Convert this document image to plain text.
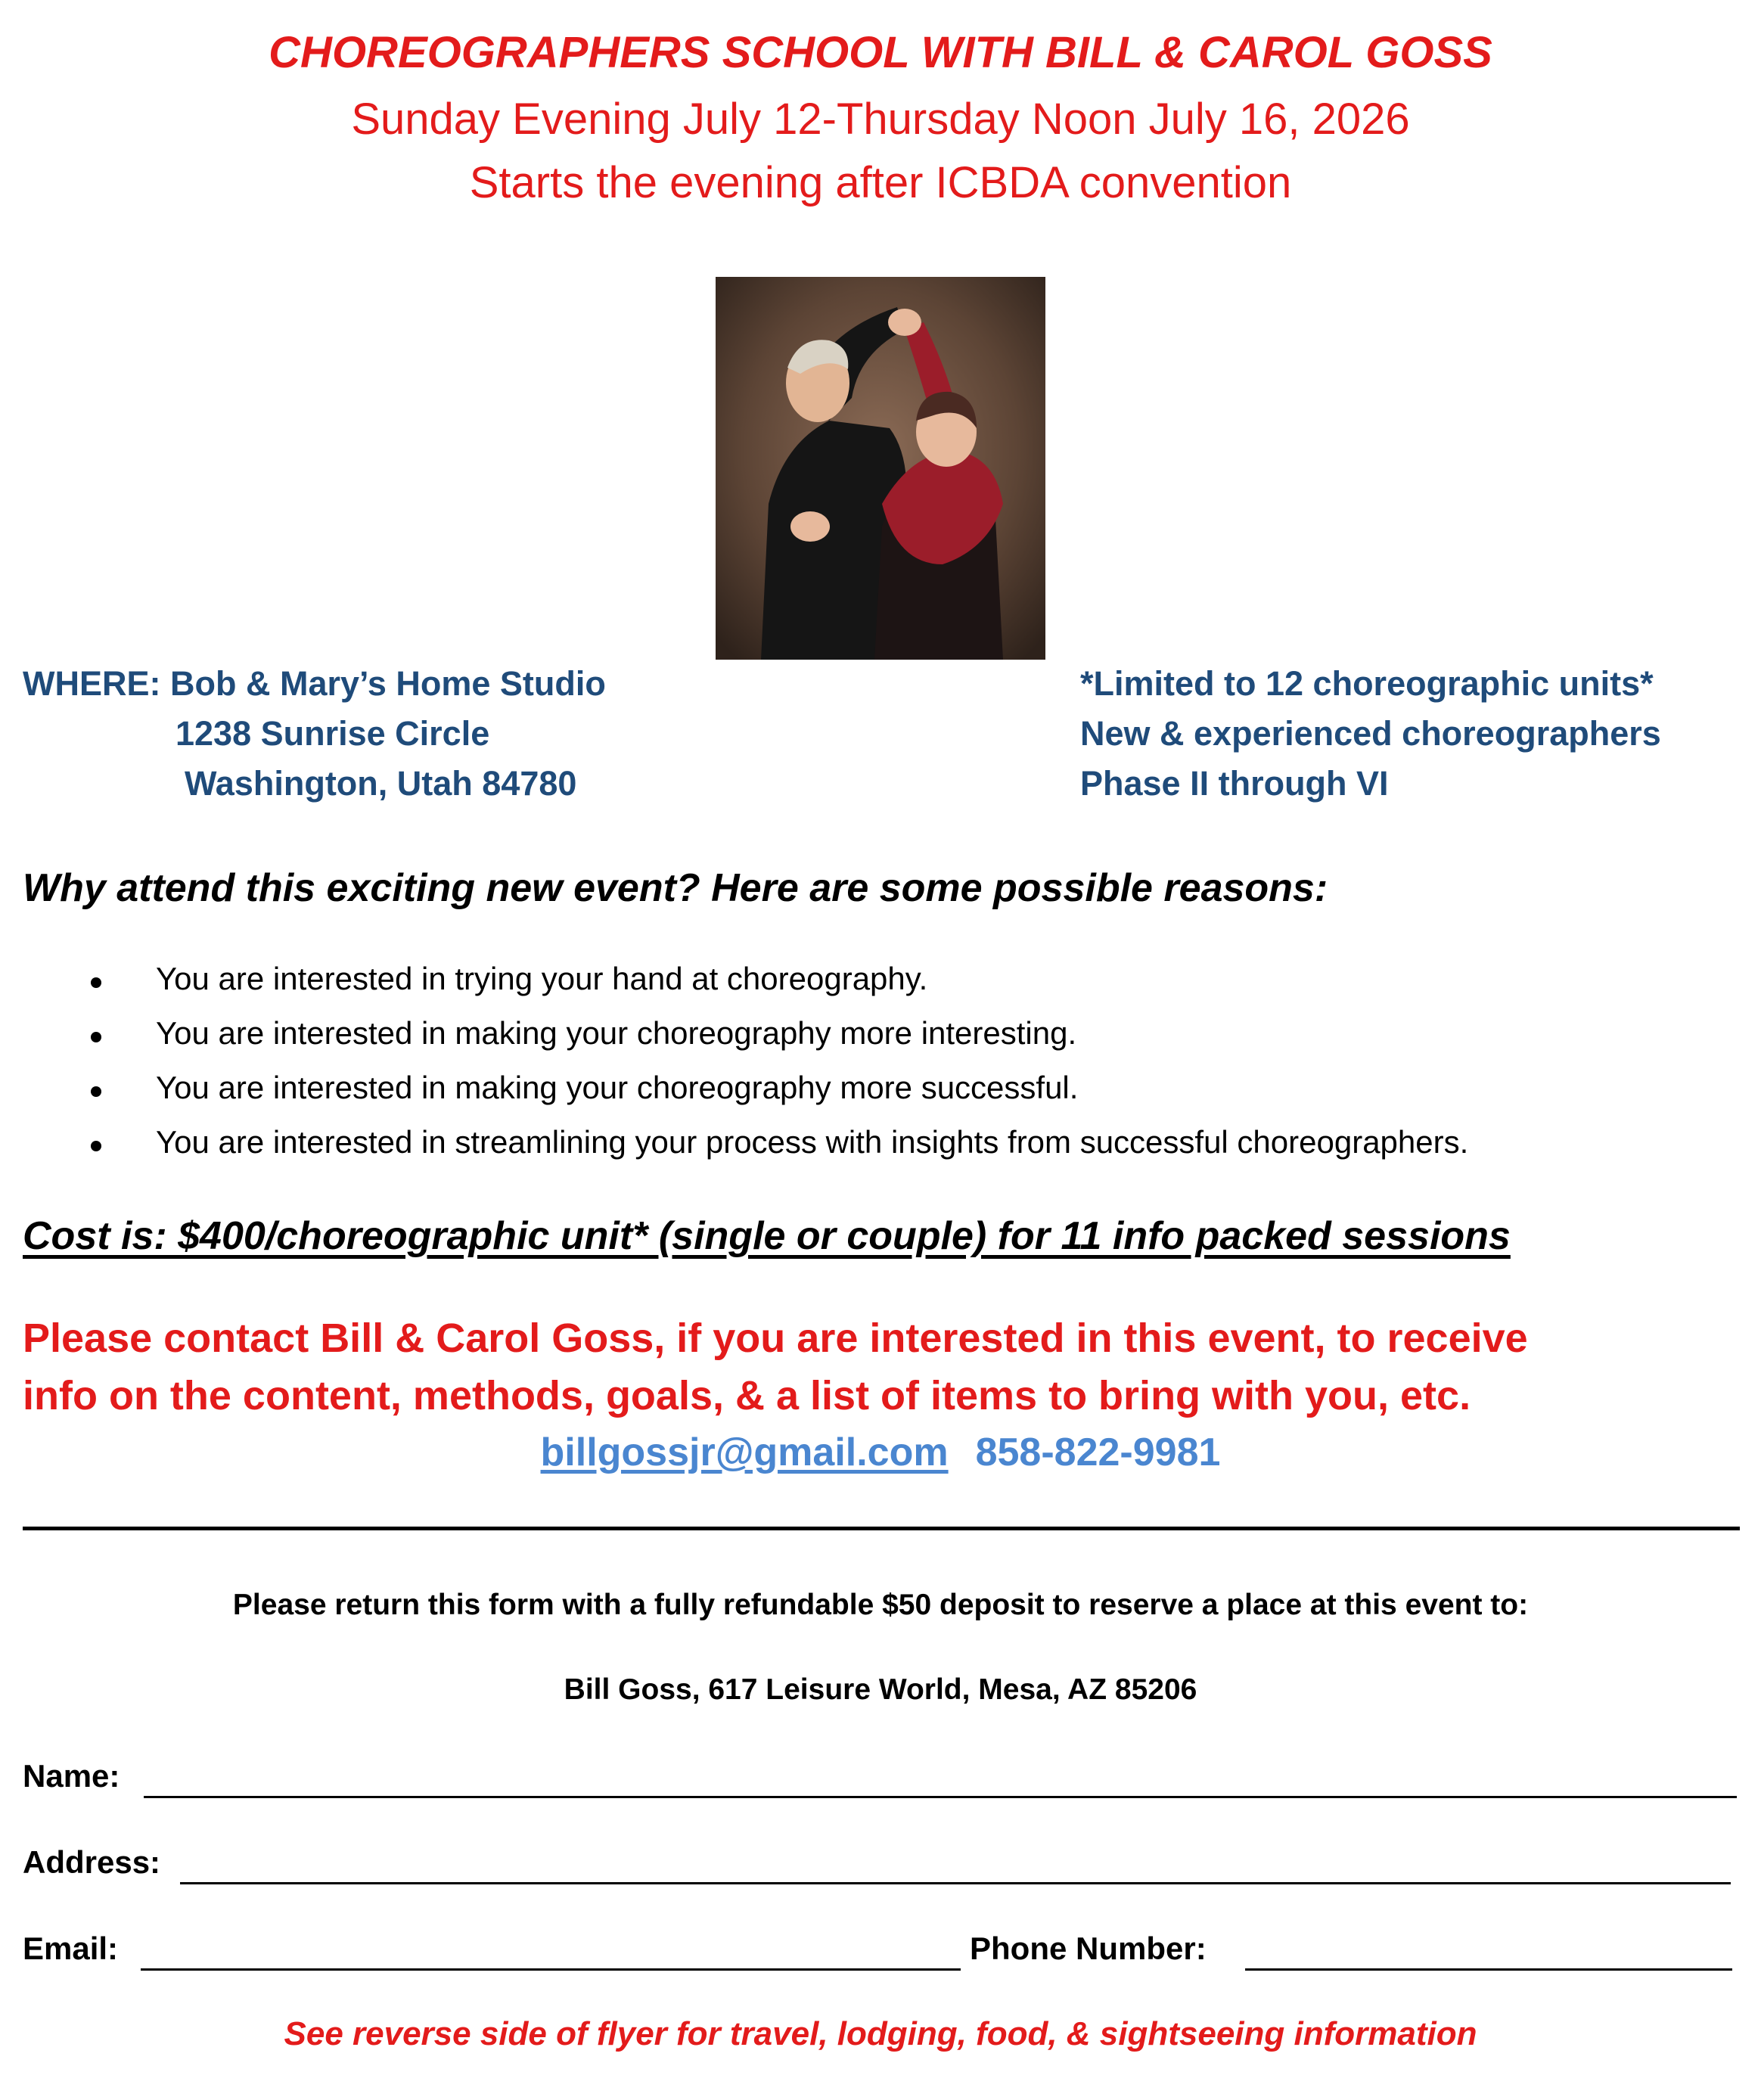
CHOREOGRAPHERS SCHOOL WITH BILL & CAROL GOSS
Sunday Evening July 12-Thursday Noon July 16, 2026
Starts the evening after ICBDA convention
WHERE: Bob & Mary’s Home Studio
1238 Sunrise Circle
Washington, Utah 84780
*Limited to 12 choreographic units*
New & experienced choreographers
Phase II through VI
Why attend this exciting new event? Here are some possible reasons:
You are interested in trying your hand at choreography.
You are interested in making your choreography more interesting.
You are interested in making your choreography more successful.
You are interested in streamlining your process with insights from successful choreographers.
Cost is: $400/choreographic unit* (single or couple) for 11 info packed sessions
Please contact Bill & Carol Goss, if you are interested in this event, to receive
info on the content, methods, goals, & a list of items to bring with you, etc.
billgossjr@gmail.com 858-822-9981
Please return this form with a fully refundable $50 deposit to reserve a place at this event to:
Bill Goss, 617 Leisure World, Mesa, AZ 85206
Name:
Address:
Email:	Phone Number:
See reverse side of flyer for travel, lodging, food, & sightseeing information
